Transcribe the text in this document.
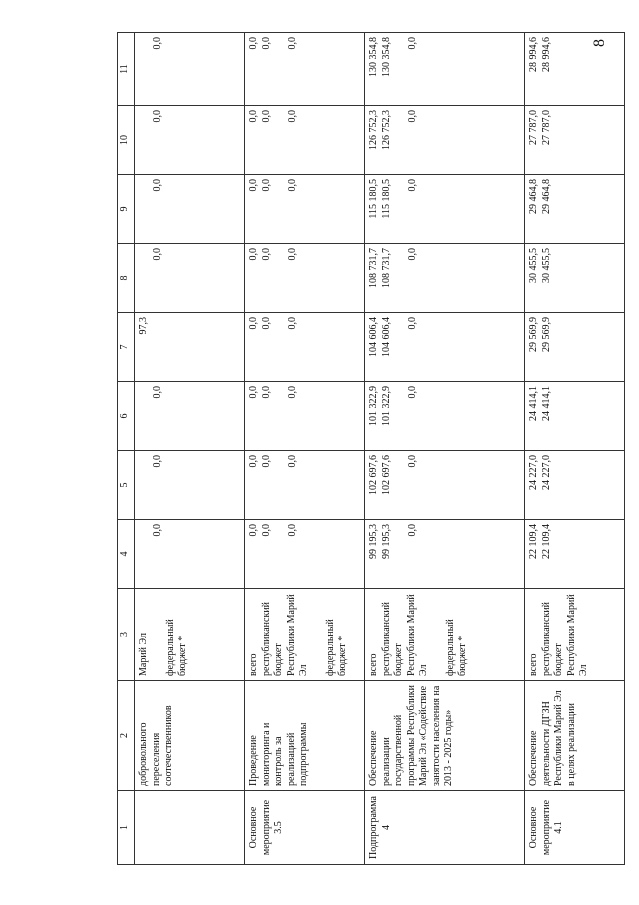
8
1	2	3	4	5	6	7	8	9	10	11
	добровольного переселения соотечественников	Марий Эл федеральный бюджет *	0,0	0,0	0,0	97,3	0,0	0,0	0,0	0,0

Основное мероприятие 3.5	Проведение мониторинга и контроль за реализацией подпрограммы	всего республиканский бюджет Республики Марий Эл федеральный бюджет *	0,0 0,0 0,0	0,0 0,0 0,0	0,0 0,0 0,0	0,0 0,0 0,0	0,0 0,0 0,0	0,0 0,0 0,0	0,0 0,0 0,0	0,0 0,0 0,0

Подпрограмма 4	Обеспечение реализации государственной программы Республики Марий Эл «Содействие занятости населения на 2013 - 2025 годы»	всего республиканский бюджет Республики Марий Эл федеральный бюджет *	99 195,3 99 195,3 0,0	102 697,6 102 697,6 0,0	101 322,9 101 322,9 0,0	104 606,4 104 606,4 0,0	108 731,7 108 731,7 0,0	115 180,5 115 180,5 0,0	126 752,3 126 752,3 0,0	130 354,8 130 354,8 0,0

Основное мероприятие 4.1	Обеспечение деятельности ДГЗН Республики Марий Эл в целях реализации	всего республиканский бюджет Республики Марий Эл	22 109,4 22 109,4	24 227,0 24 227,0	24 414,1 24 414,1	29 569,9 29 569,9	30 455,5 30 455,5	29 464,8 29 464,8	27 787,0 27 787,0	28 994,6 28 994,6
